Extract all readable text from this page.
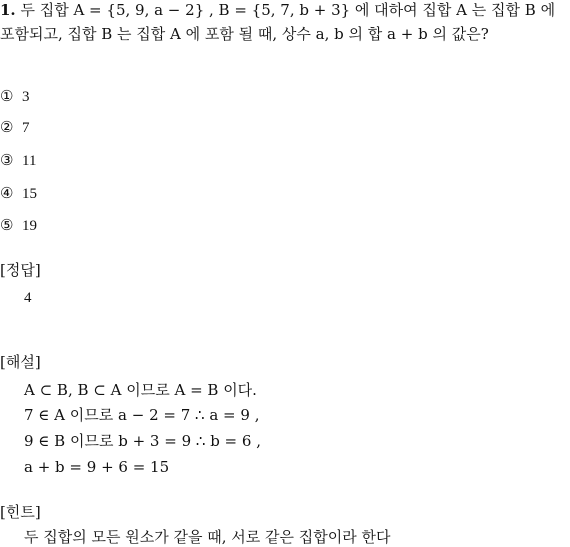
1. 두 집합 A = {5, 9, a − 2} , B = {5, 7, b + 3} 에 대하여 집합 A 는 집합 B 에
포함되고, 집합 B 는 집합 A 에 포함 될 때, 상수 a, b 의 합 a + b 의 값은?
① 3
② 7
③ 11
④ 15
⑤ 19
[정답]
4
[해설]
A ⊂ B, B ⊂ A 이므로 A = B 이다.
7 ∈ A 이므로 a − 2 = 7 ∴ a = 9 ,
9 ∈ B 이므로 b + 3 = 9 ∴ b = 6 ,
a + b = 9 + 6 = 15
[힌트]
두 집합의 모든 원소가 같을 때, 서로 같은 집합이라 한다
